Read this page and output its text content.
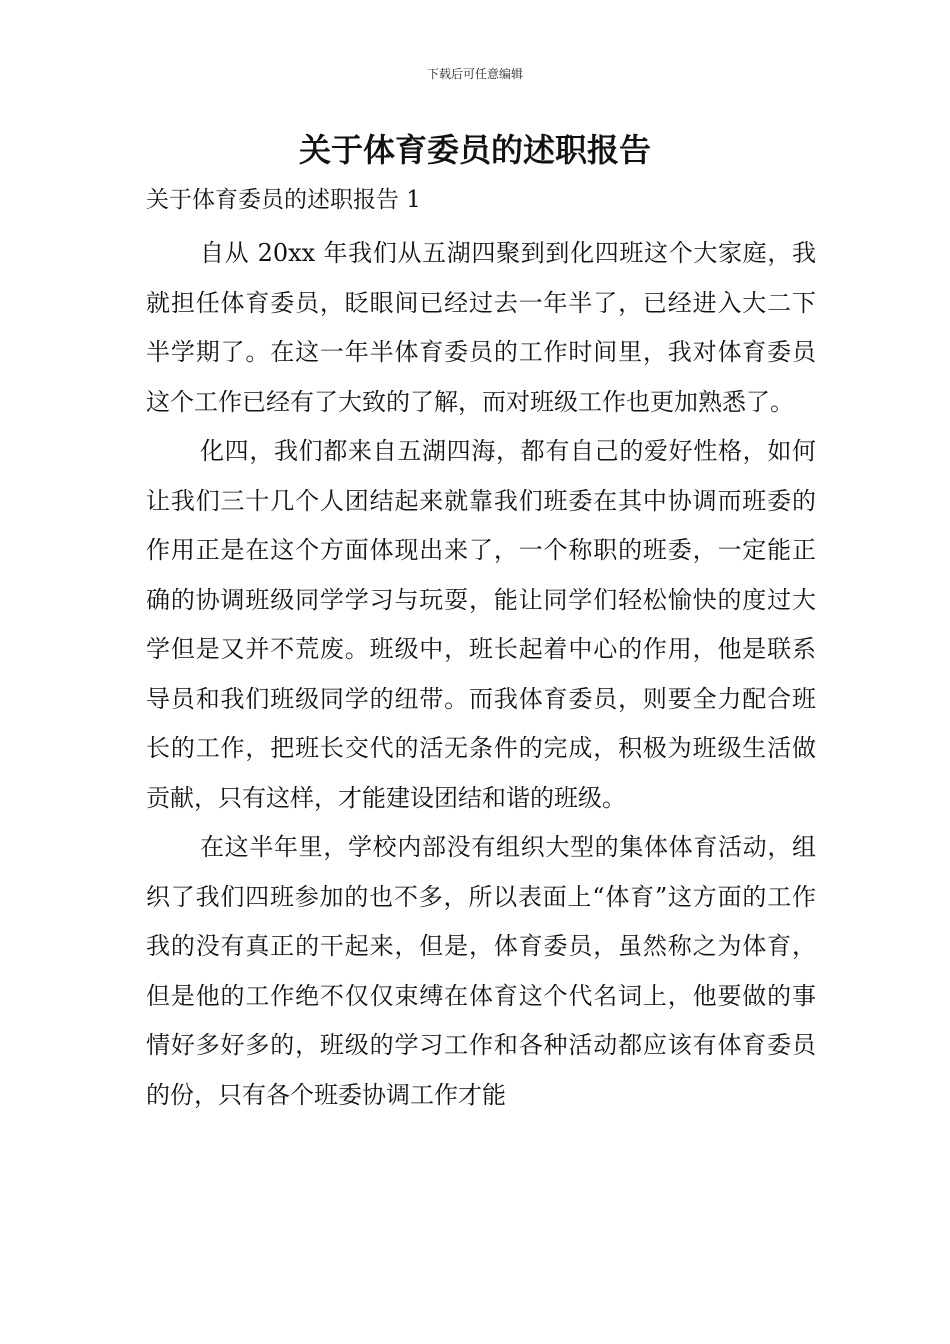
下载后可任意编辑
关于体育委员的述职报告
关于体育委员的述职报告 1

自从 20xx 年我们从五湖四聚到到化四班这个大家庭，我就担任体育委员，眨眼间已经过去一年半了，已经进入大二下半学期了。在这一年半体育委员的工作时间里，我对体育委员这个工作已经有了大致的了解，而对班级工作也更加熟悉了。

化四，我们都来自五湖四海，都有自己的爱好性格，如何让我们三十几个人团结起来就靠我们班委在其中协调而班委的作用正是在这个方面体现出来了，一个称职的班委，一定能正确的协调班级同学学习与玩耍，能让同学们轻松愉快的度过大学但是又并不荒废。班级中，班长起着中心的作用，他是联系导员和我们班级同学的纽带。而我体育委员，则要全力配合班长的工作，把班长交代的活无条件的完成，积极为班级生活做贡献，只有这样，才能建设团结和谐的班级。

在这半年里，学校内部没有组织大型的集体体育活动，组织了我们四班参加的也不多，所以表面上“体育”这方面的工作我的没有真正的干起来，但是，体育委员，虽然称之为体育，但是他的工作绝不仅仅束缚在体育这个代名词上，他要做的事情好多好多的，班级的学习工作和各种活动都应该有体育委员的份，只有各个班委协调工作才能
